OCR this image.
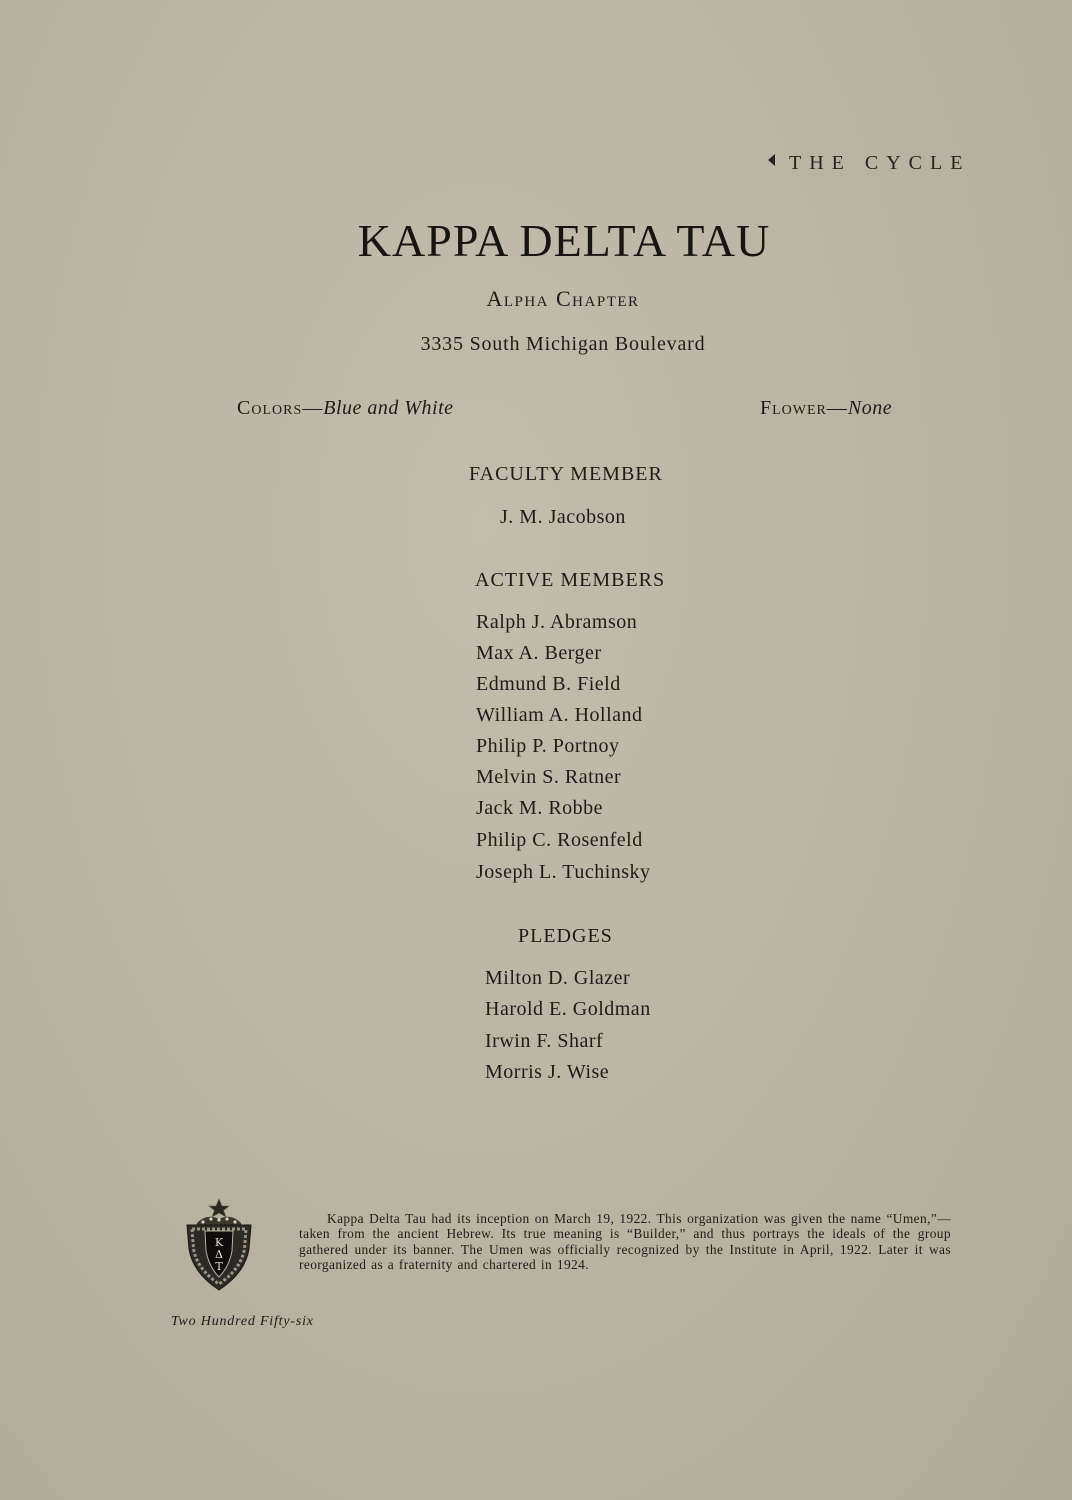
THE CYCLE
KAPPA DELTA TAU
Alpha Chapter
3335 South Michigan Boulevard
Colors—Blue and White	Flower—None
FACULTY MEMBER
J. M. Jacobson
ACTIVE MEMBERS
Ralph J. Abramson
Max A. Berger
Edmund B. Field
William A. Holland
Philip P. Portnoy
Melvin S. Ratner
Jack M. Robbe
Philip C. Rosenfeld
Joseph L. Tuchinsky
PLEDGES
Milton D. Glazer
Harold E. Goldman
Irwin F. Sharf
Morris J. Wise
Κ
Δ
Τ

Kappa Delta Tau had its inception on March 19, 1922. This organization was given the name “Umen,”—taken from the ancient Hebrew. Its true meaning is “Builder,” and thus portrays the ideals of the group gathered under its banner. The Umen was officially recognized by the Institute in April, 1922. Later it was reorganized as a fraternity and chartered in 1924.

Two Hundred Fifty-six
